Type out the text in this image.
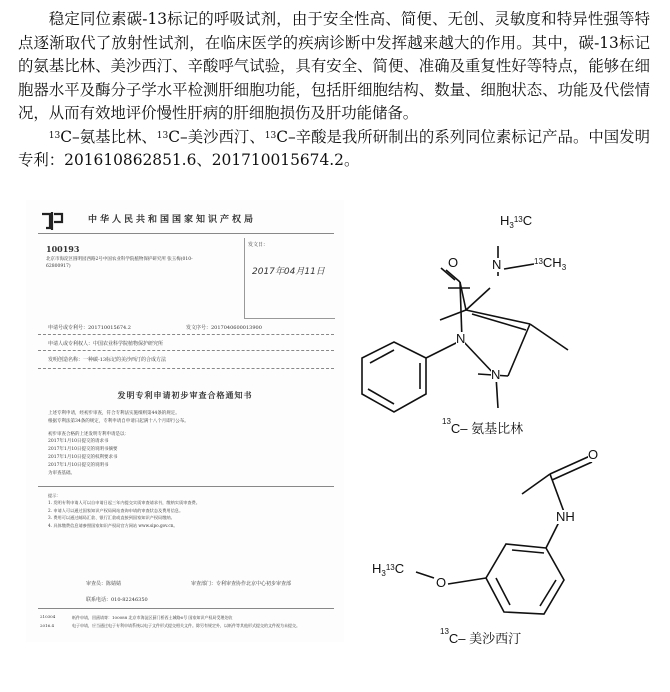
稳定同位素碳-13标记的呼吸试剂，由于安全性高、简便、无创、灵敏度和特异性强等特点逐渐取代了放射性试剂，在临床医学的疾病诊断中发挥越来越大的作用。其中，碳-13标记的氨基比林、美沙西汀、辛酸呼气试验，具有安全、简便、准确及重复性好等特点，能够在细胞器水平及酶分子学水平检测肝细胞功能，包括肝细胞结构、数量、细胞状态、功能及代偿情况，从而有效地评价慢性肝病的肝细胞损伤及肝功能储备。

$^{13}$C–氨基比林、$^{13}$C–美沙西汀、$^{13}$C–辛酸是我所研制出的系列同位素标记产品。中国发明专利：201610862851.6、201710015674.2。

中华人民共和国国家知识产权局
100193
北京市海淀区圆明园西路2号中国农业科学院植物保护研究所 张玉梅(010-62800917)
发文日：
2017年04月11日
申请号或专利号：201710015674.2	发文序号：2017040600013900
申请人或专利权人：中国农业科学院植物保护研究所
发明创造名称：一种碳-13标记的美沙西汀的合成方法
发明专利申请初步审查合格通知书
上述专利申请，经初步审查，符合专利法实施细则第44条的规定。
根据专利法第34条的规定，专利申请自申请日起满十八个月即行公布。
初步审查合格的上述发明专利申请是以：
2017年1月10日提交的请求书
2017年1月10日提交的说明书摘要
2017年1月10日提交的权利要求书
2017年1月10日提交的说明书
为审查基础。
提示：
1. 发明专利申请人可以自申请日起三年内提交实质审查请求书，缴纳实质审查费。
2. 申请人可以通过国家知识产权局网站查询申请的审查状态及费用信息。
3. 费用可以通过邮局汇款、银行汇款或直接到国家知识产权局缴纳。
4. 具体缴费信息请参照国家知识产权局官方网站 www.sipo.gov.cn。
审查员：陈婧婧	审查部门：专利审查协作北京中心初步审查部
联系电话：010-82246350
210304
2016.4
纸件申请，回函请寄：100088 北京市海淀区蓟门桥西土城路6号 国家知识产权局受理处收
电子申请，应当通过电子专利申请系统以电子文件形式提交相关文件。除另有规定外，以纸件等其他形式提交的文件视为未提交。
$H_3^{13}C$
N	$^{13}CH_3$
O
N
N
$^{13}$C– 氨基比林
O
NH
O
$H_3^{13}C$
$^{13}$C– 美沙西汀
